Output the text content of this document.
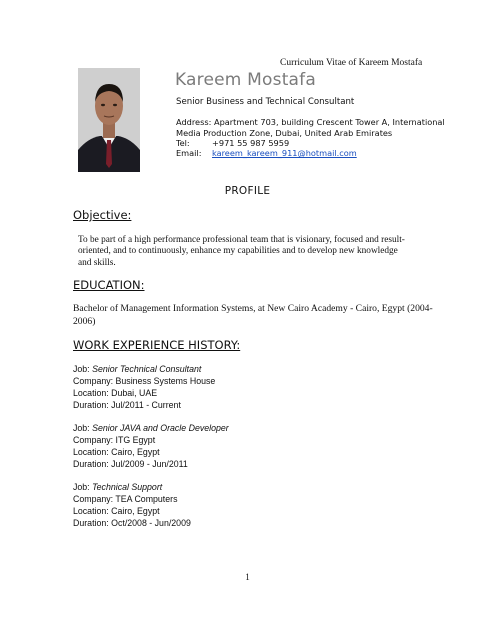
Curriculum Vitae of Kareem Mostafa
Kareem Mostafa
Senior Business and Technical Consultant
Address: Apartment 703, building Crescent Tower A, International Media Production Zone, Dubai, United Arab Emirates
Tel:	+971 55 987 5959
Email: kareem_kareem_911@hotmail.com
PROFILE
Objective:
To be part of a high performance professional team that is visionary, focused and result-oriented, and to continuously, enhance my capabilities and to develop new knowledge and skills.
EDUCATION:
Bachelor of Management Information Systems, at New Cairo Academy - Cairo, Egypt (2004-2006)
WORK EXPERIENCE HISTORY:
Job: Senior Technical Consultant
Company: Business Systems House
Location: Dubai, UAE
Duration: Jul/2011 - Current
Job: Senior JAVA and Oracle Developer
Company: ITG Egypt
Location: Cairo, Egypt
Duration: Jul/2009 - Jun/2011
Job: Technical Support
Company: TEA Computers
Location: Cairo, Egypt
Duration: Oct/2008 - Jun/2009
1
